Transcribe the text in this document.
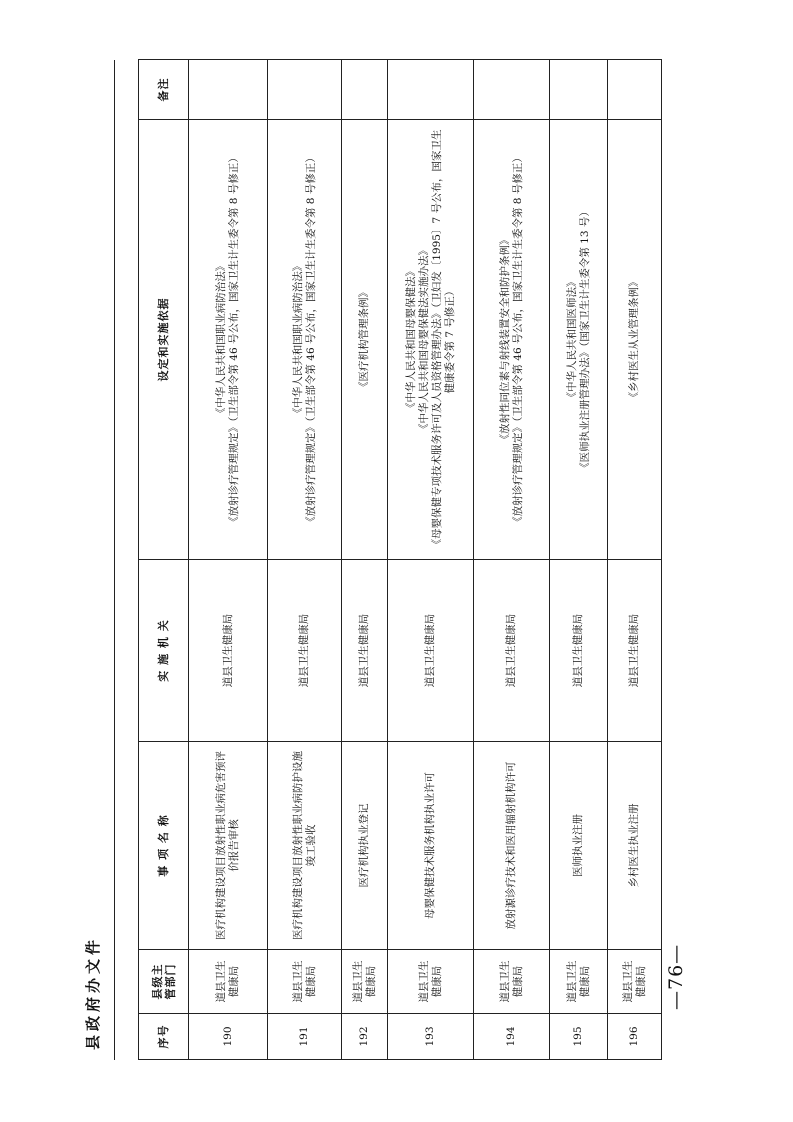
县政府办文件	序号	县级主管部门	事 项 名 称	实 施 机 关	设定和实施依据	备注
190	道县卫生健康局	医疗机构建设项目放射性职业病危害预评价报告审核	道县卫生健康局	《中华人民共和国职业病防治法》 《放射诊疗管理规定》（卫生部令第 46 号公布，国家卫生计生委令第 8 号修正）	

191	道县卫生健康局	医疗机构建设项目放射性职业病防护设施竣工验收	道县卫生健康局	《中华人民共和国职业病防治法》 《放射诊疗管理规定》（卫生部令第 46 号公布，国家卫生计生委令第 8 号修正）	

192	道县卫生健康局	医疗机构执业登记	道县卫生健康局	《医疗机构管理条例》	

193	道县卫生健康局	母婴保健技术服务机构执业许可	道县卫生健康局	《中华人民共和国母婴保健法》 《中华人民共和国母婴保健法实施办法》 《母婴保健专项技术服务许可及人员资格管理办法》（卫妇发〔1995〕7 号公布，国家卫生健康委令第 7 号修正）	

194	道县卫生健康局	放射源诊疗技术和医用辐射机构许可	道县卫生健康局	《放射性同位素与射线装置安全和防护条例》 《放射诊疗管理规定》（卫生部令第 46 号公布，国家卫生计生委令第 8 号修正）	

195	道县卫生健康局	医师执业注册	道县卫生健康局	《中华人民共和国医师法》 《医师执业注册管理办法》（国家卫生计生委令第 13 号）	

196	道县卫生健康局	乡村医生执业注册	道县卫生健康局	《乡村医生从业管理条例》	

—76—
